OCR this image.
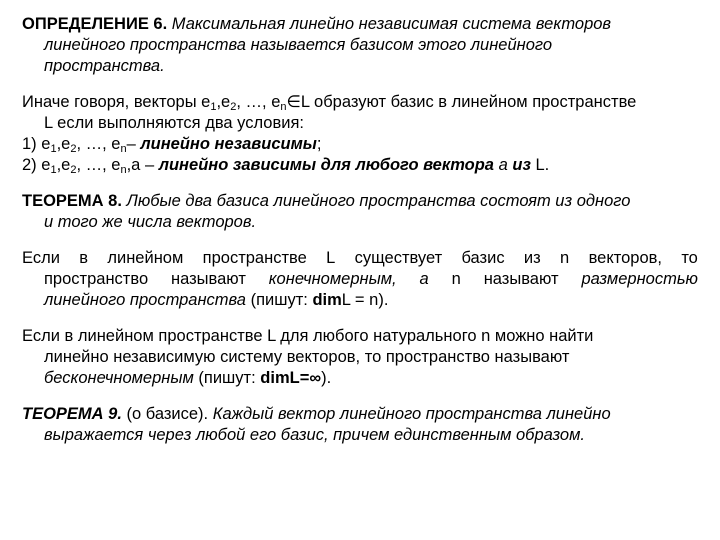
ОПРЕДЕЛЕНИЕ 6. Максимальная линейно независимая система векторов
линейного пространства называется базисом этого линейного
пространства.
Иначе говоря, векторы $e_1,e_2$, …, $e_n\in L$ образуют базис в линейном пространстве
L если выполняются два условия:
1) $e_1,e_2$, …, $e_n-$ линейно независимы;
2) $e_1,e_2$, …, $e_n,a$ – линейно зависимы для любого вектора a из L.
ТЕОРЕМА 8. Любые два базиса линейного пространства состоят из одного
и того же числа векторов.
Если в линейном пространстве L существует базис из n векторов, то
пространство называют конечномерным, а n называют размерностью
линейного пространства (пишут: dimL = n).
Если в линейном пространстве L для любого натурального n можно найти
линейно независимую систему векторов, то пространство называют
бесконечномерным (пишут: dimL=∞).
ТЕОРЕМА 9. (о базисе). Каждый вектор линейного пространства линейно
выражается через любой его базис, причем единственным образом.
